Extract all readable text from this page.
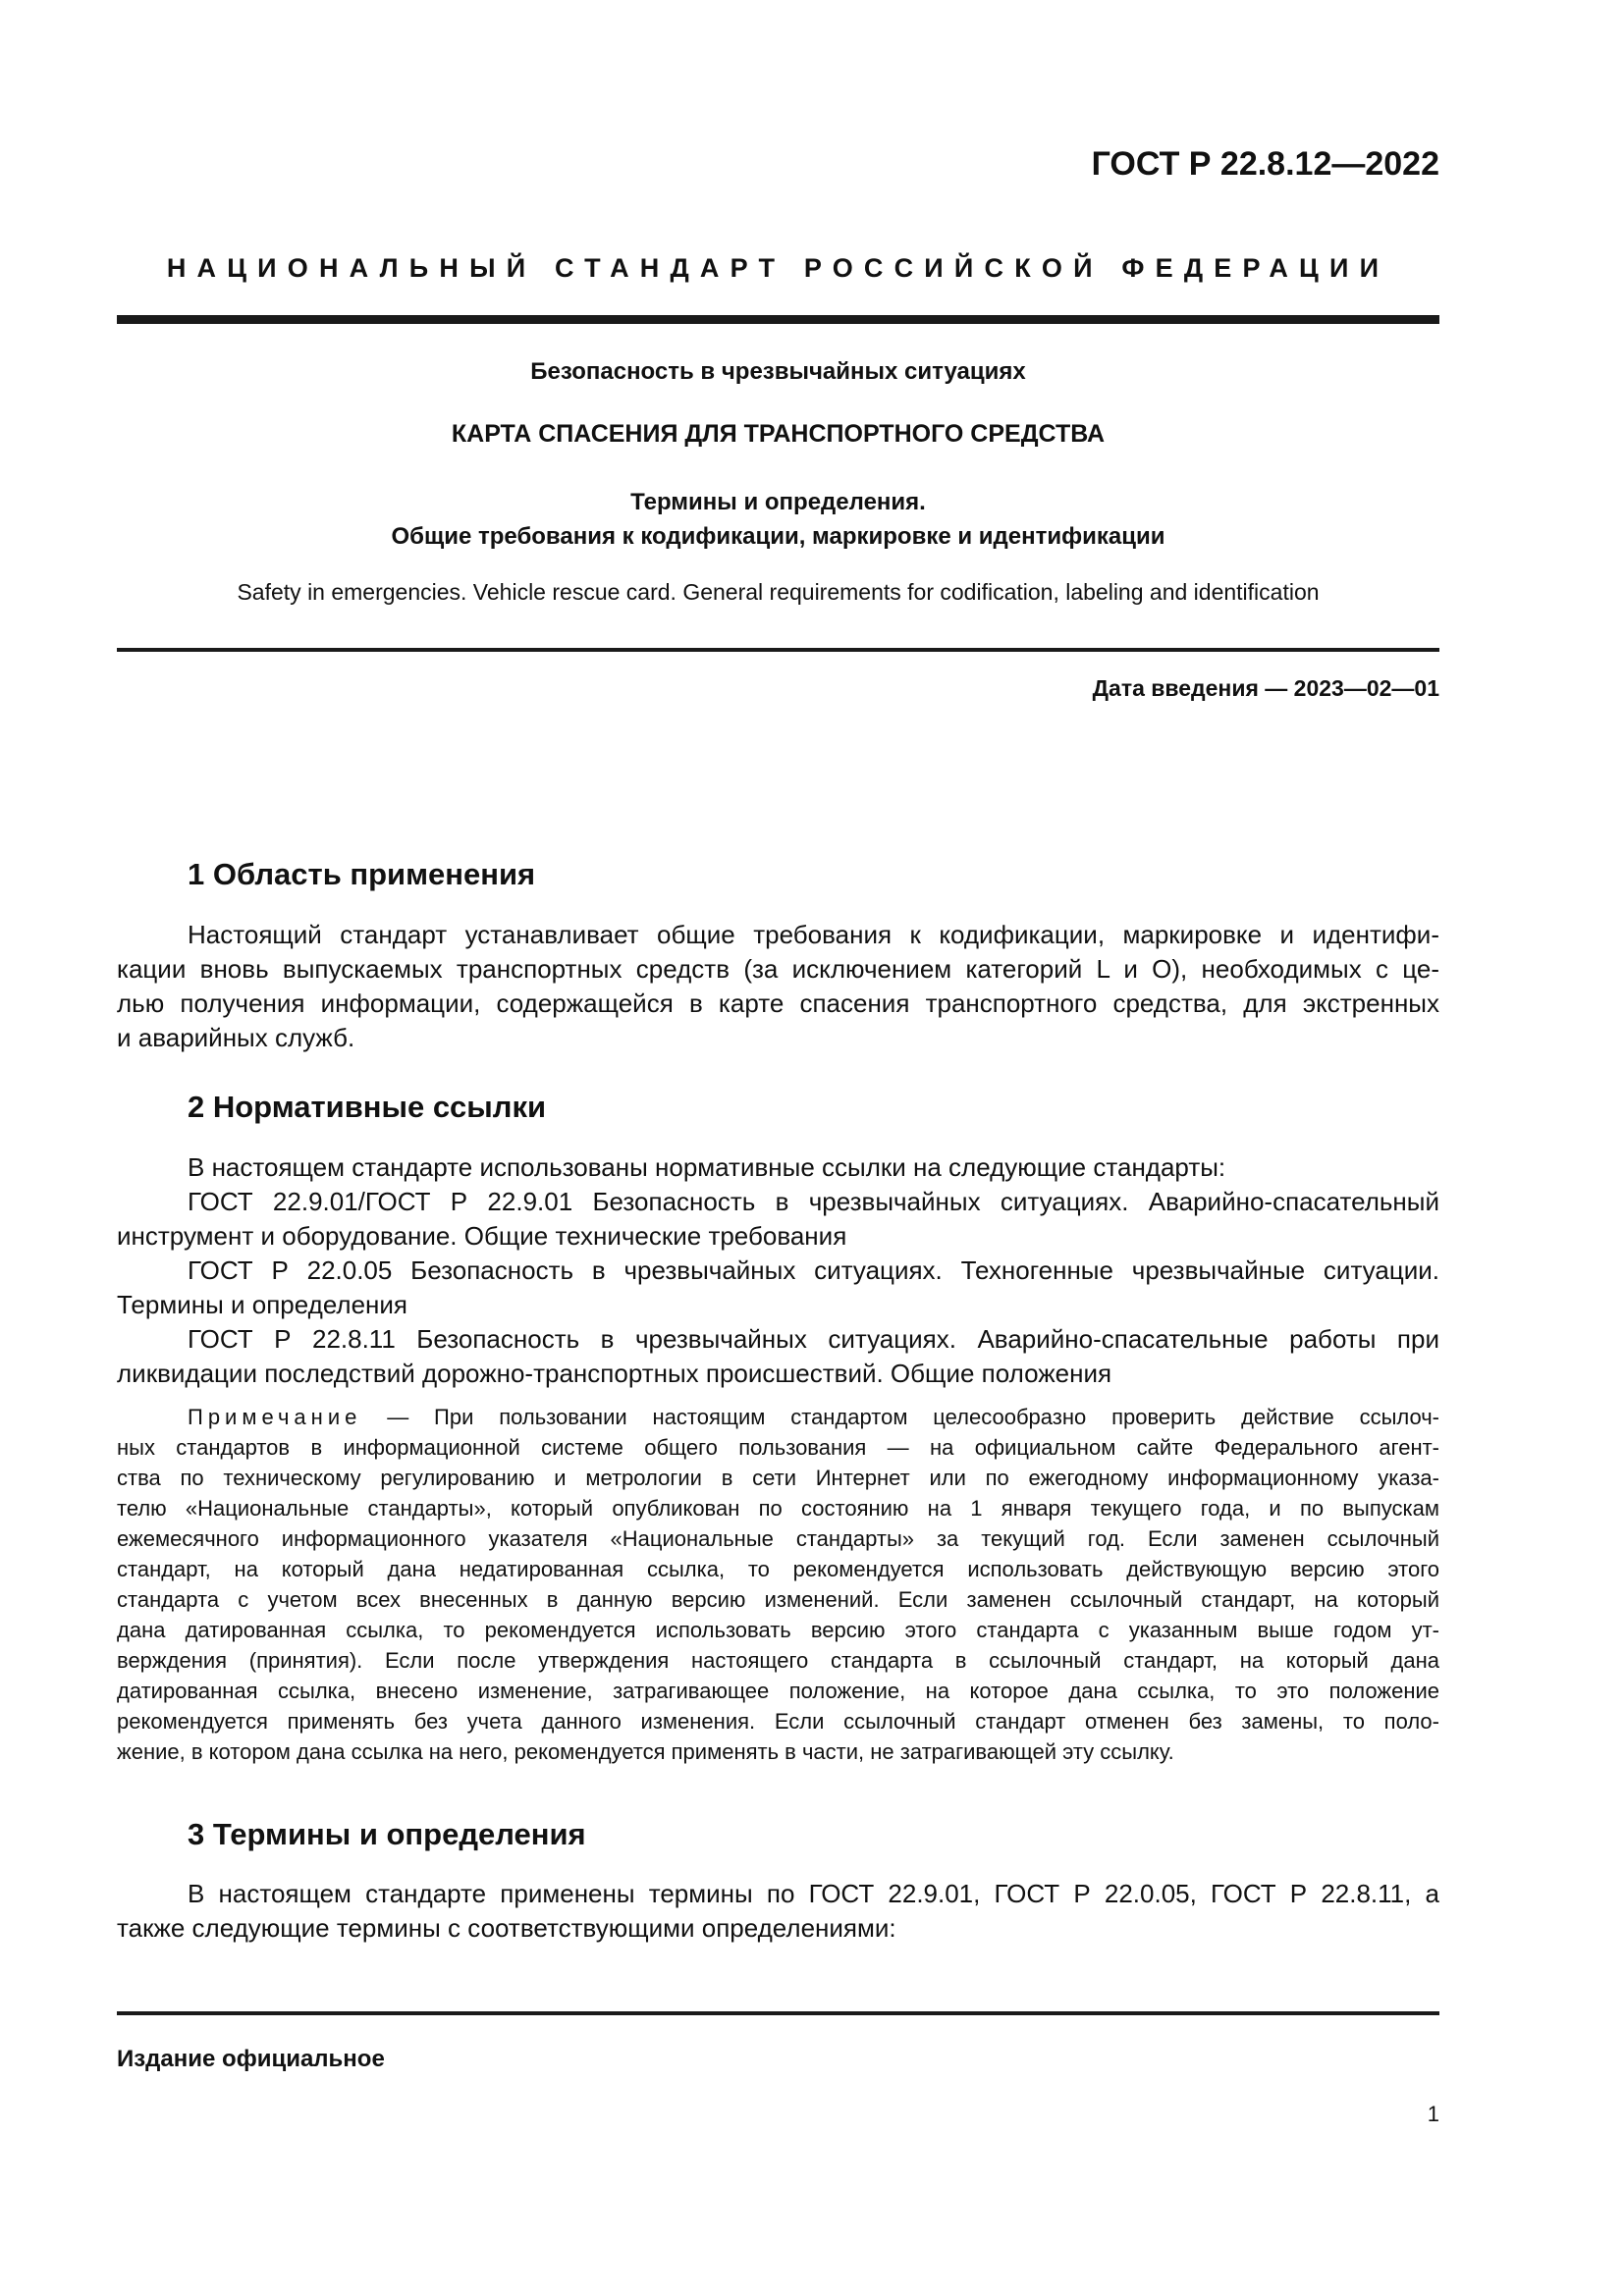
ГОСТ Р 22.8.12—2022
НАЦИОНАЛЬНЫЙ СТАНДАРТ РОССИЙСКОЙ ФЕДЕРАЦИИ
Безопасность в чрезвычайных ситуациях
КАРТА СПАСЕНИЯ ДЛЯ ТРАНСПОРТНОГО СРЕДСТВА
Термины и определения.
Общие требования к кодификации, маркировке и идентификации
Safety in emergencies. Vehicle rescue card. General requirements for codification, labeling and identification
Дата введения — 2023—02—01
1 Область применения
Настоящий стандарт устанавливает общие требования к кодификации, маркировке и идентифи-
кации вновь выпускаемых транспортных средств (за исключением категорий L и O), необходимых с це-
лью получения информации, содержащейся в карте спасения транспортного средства, для экстренных
и аварийных служб.
2 Нормативные ссылки
В настоящем стандарте использованы нормативные ссылки на следующие стандарты:
ГОСТ 22.9.01/ГОСТ Р 22.9.01 Безопасность в чрезвычайных ситуациях. Аварийно-спасательный
инструмент и оборудование. Общие технические требования
ГОСТ Р 22.0.05 Безопасность в чрезвычайных ситуациях. Техногенные чрезвычайные ситуации.
Термины и определения
ГОСТ Р 22.8.11 Безопасность в чрезвычайных ситуациях. Аварийно-спасательные работы при
ликвидации последствий дорожно-транспортных происшествий. Общие положения
Примечание — При пользовании настоящим стандартом целесообразно проверить действие ссылоч-
ных стандартов в информационной системе общего пользования — на официальном сайте Федерального агент-
ства по техническому регулированию и метрологии в сети Интернет или по ежегодному информационному указа-
телю «Национальные стандарты», который опубликован по состоянию на 1 января текущего года, и по выпускам
ежемесячного информационного указателя «Национальные стандарты» за текущий год. Если заменен ссылочный
стандарт, на который дана недатированная ссылка, то рекомендуется использовать действующую версию этого
стандарта с учетом всех внесенных в данную версию изменений. Если заменен ссылочный стандарт, на который
дана датированная ссылка, то рекомендуется использовать версию этого стандарта с указанным выше годом ут-
верждения (принятия). Если после утверждения настоящего стандарта в ссылочный стандарт, на который дана
датированная ссылка, внесено изменение, затрагивающее положение, на которое дана ссылка, то это положение
рекомендуется применять без учета данного изменения. Если ссылочный стандарт отменен без замены, то поло-
жение, в котором дана ссылка на него, рекомендуется применять в части, не затрагивающей эту ссылку.
3 Термины и определения
В настоящем стандарте применены термины по ГОСТ 22.9.01, ГОСТ Р 22.0.05, ГОСТ Р 22.8.11, а
также следующие термины с соответствующими определениями:
Издание официальное
1
